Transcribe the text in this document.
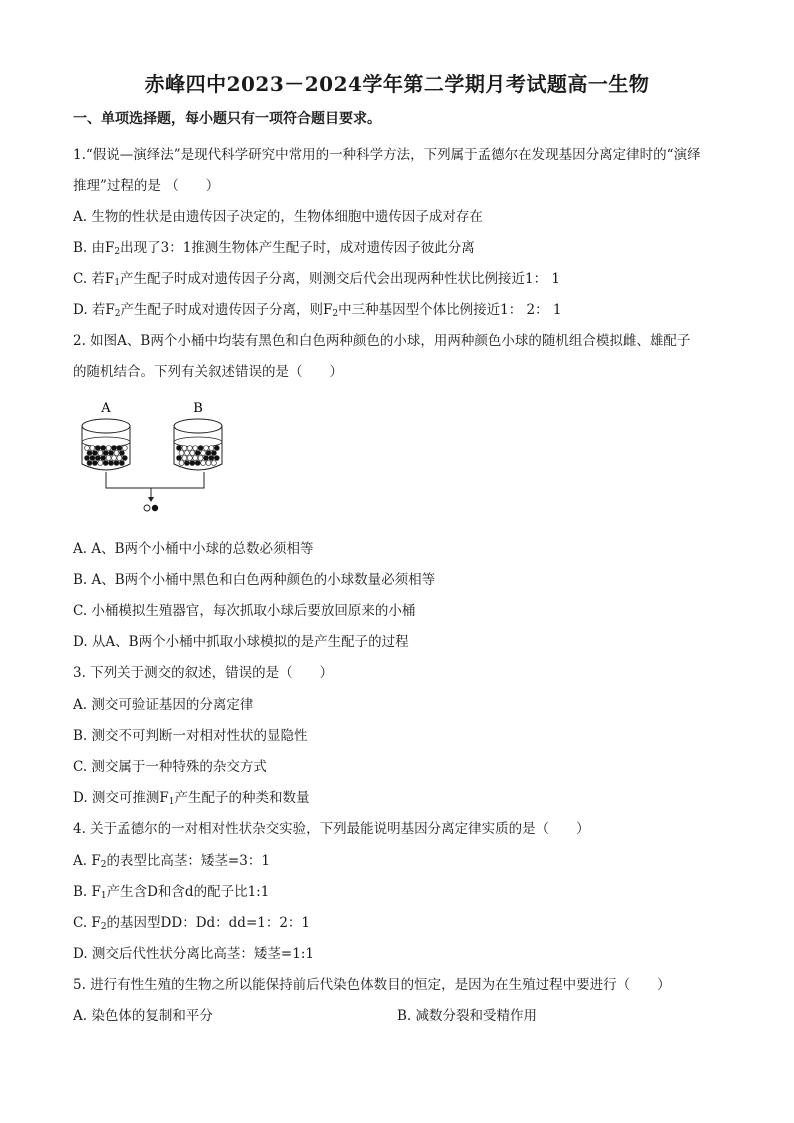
赤峰四中2023－2024学年第二学期月考试题高一生物
一、单项选择题，每小题只有一项符合题目要求。
1.“假说—演绎法”是现代科学研究中常用的一种科学方法，下列属于孟德尔在发现基因分离定律时的“演绎
推理”过程的是 （　　）
A. 生物的性状是由遗传因子决定的，生物体细胞中遗传因子成对存在
B. 由$F_2$出现了3：1推测生物体产生配子时，成对遗传因子彼此分离
C. 若$F_1$产生配子时成对遗传因子分离，则测交后代会出现两种性状比例接近1： 1
D. 若$F_2$产生配子时成对遗传因子分离，则$F_2$中三种基因型个体比例接近1： 2： 1
2. 如图A、B两个小桶中均装有黑色和白色两种颜色的小球，用两种颜色小球的随机组合模拟雌、雄配子
的随机结合。下列有关叙述错误的是（　　）
A	B
A. A、B两个小桶中小球的总数必须相等
B. A、B两个小桶中黑色和白色两种颜色的小球数量必须相等
C. 小桶模拟生殖器官，每次抓取小球后要放回原来的小桶
D. 从A、B两个小桶中抓取小球模拟的是产生配子的过程
3. 下列关于测交的叙述，错误的是（　　）
A. 测交可验证基因的分离定律
B. 测交不可判断一对相对性状的显隐性
C. 测交属于一种特殊的杂交方式
D. 测交可推测$F_1$产生配子的种类和数量
4. 关于孟德尔的一对相对性状杂交实验，下列最能说明基因分离定律实质的是（　　）
A. $F_2$的表型比高茎：矮茎=3：1
B. $F_1$产生含D和含d的配子比1:1
C. $F_2$的基因型DD：Dd：dd=1：2：1
D. 测交后代性状分离比高茎：矮茎=1:1
5. 进行有性生殖的生物之所以能保持前后代染色体数目的恒定，是因为在生殖过程中要进行（　　）
A. 染色体的复制和平分	B. 减数分裂和受精作用
